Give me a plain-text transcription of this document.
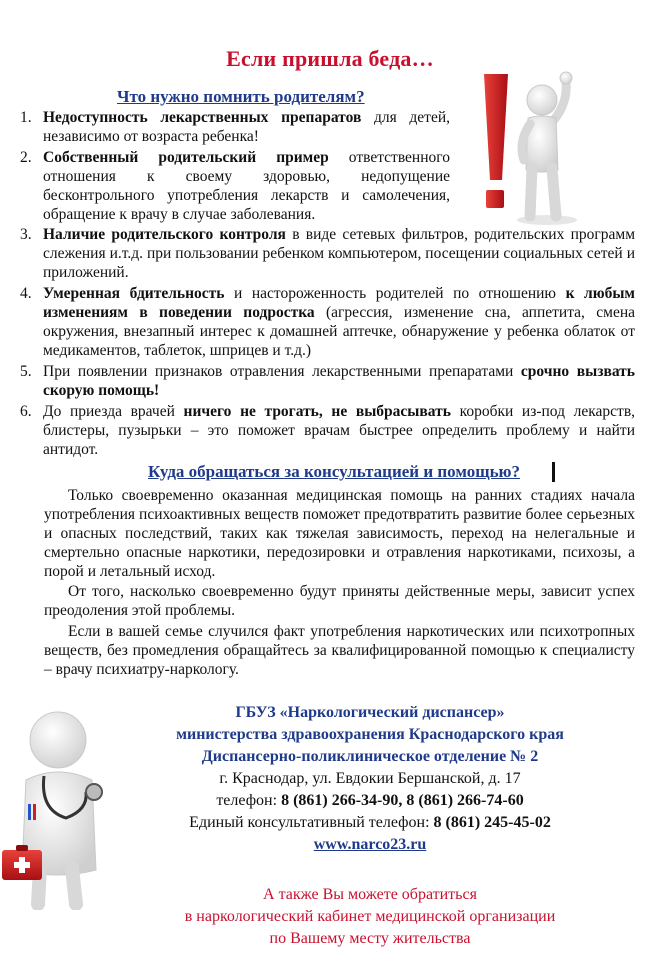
Если пришла беда…
Что нужно помнить родителям?
1. Недоступность лекарственных препаратов для детей, независимо от возраста ребенка!
2. Собственный родительский пример ответственного отношения к своему здоровью, недопущение бесконтрольного употребления лекарств и самолечения, обращение к врачу в случае заболевания.
3. Наличие родительского контроля в виде сетевых фильтров, родительских программ слежения и.т.д. при пользовании ребенком компьютером, посещении социальных сетей и приложений.
4. Умеренная бдительность и настороженность родителей по отношению к любым изменениям в поведении подростка (агрессия, изменение сна, аппетита, смена окружения, внезапный интерес к домашней аптечке, обнаружение у ребенка облаток от медикаментов, таблеток, шприцев и т.д.)
5. При появлении признаков отравления лекарственными препаратами срочно вызвать скорую помощь!
6. До приезда врачей ничего не трогать, не выбрасывать коробки из-под лекарств, блистеры, пузырьки – это поможет врачам быстрее определить проблему и найти антидот.
Куда обращаться за консультацией и помощью?

Только своевременно оказанная медицинская помощь на ранних стадиях начала употребления психоактивных веществ поможет предотвратить развитие более серьезных и опасных последствий, таких как тяжелая зависимость, переход на нелегальные и смертельно опасные наркотики, передозировки и отравления наркотиками, психозы, а порой и летальный исход.

От того, насколько своевременно будут приняты действенные меры, зависит успех преодоления этой проблемы.

Если в вашей семье случился факт употребления наркотических или психотропных веществ, без промедления обращайтесь за квалифицированной помощью к специалисту – врачу психиатру-наркологу.

ГБУЗ «Наркологический диспансер»
министерства здравоохранения Краснодарского края
Диспансерно-поликлиническое отделение № 2
г. Краснодар, ул. Евдокии Бершанской, д. 17
телефон: 8 (861) 266-34-90, 8 (861) 266-74-60
Единый консультативный телефон: 8 (861) 245-45-02
www.narco23.ru
А также Вы можете обратиться
в наркологический кабинет медицинской организации
по Вашему месту жительства
